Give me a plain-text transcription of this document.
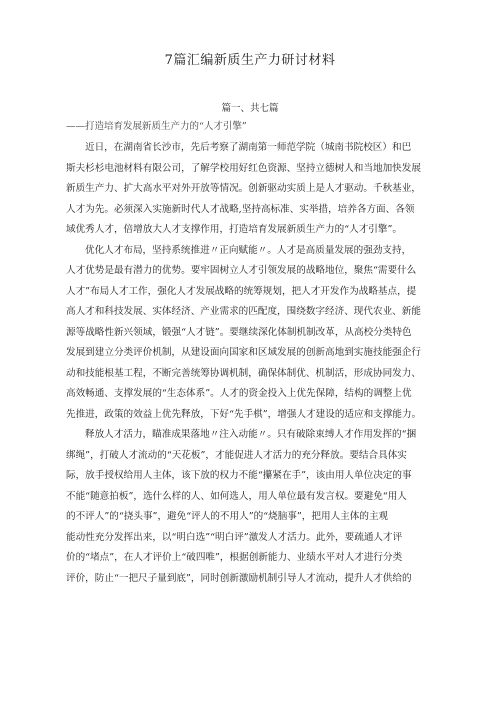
7篇汇编新质生产力研讨材料
篇一、共七篇
——打造培育发展新质生产力的“人才引擎”
近日，在湖南省长沙市，先后考察了湖南第一师范学院（城南书院校区）和巴
斯夫杉杉电池材料有限公司，了解学校用好红色资源、坚持立德树人和当地加快发展
新质生产力、扩大高水平对外开放等情况。创新驱动实质上是人才驱动。千秋基业，
人才为先。必须深入实施新时代人才战略,坚持高标准、实举措，培养各方面、各领
域优秀人才，倍增放大人才支撑作用，打造培育发展新质生产力的“人才引擎”。
优化人才布局，坚持系统推进〃正向赋能〃。人才是高质量发展的强劲支持，
人才优势是最有潜力的优势。要牢固树立人才引领发展的战略地位，聚焦“需要什么
人才”布局人才工作，强化人才发展战略的统筹规划，把人才开发作为战略基点，提
高人才和科技发展、实体经济、产业需求的匹配度，围绕数字经济、现代农业、新能
源等战略性新兴领域，锻强“人才链”。要继续深化体制机制改革，从高校分类特色
发展到建立分类评价机制，从建设面向国家和区域发展的创新高地到实施技能强企行
动和技能根基工程，不断完善统筹协调机制，确保体制优、机制活，形成协同发力、
高效畅通、支撑发展的“生态体系”。人才的资金投入上优先保障，结构的调整上优
先推进，政策的效益上优先释放，下好“先手棋”，增强人才建设的适应和支撑能力。
释放人才活力，瞄准成果落地〃注入动能〃。只有破除束缚人才作用发挥的“捆
绑绳”，打破人才流动的“天花板”，才能促进人才活力的充分释放。要结合具体实
际，放手授权给用人主体，该下放的权力不能“攥紧在手”，该由用人单位决定的事
不能“随意拍板”，选什么样的人、如何选人，用人单位最有发言权。要避免“用人
的不评人”的“挠头事”，避免“评人的不用人”的“烧脑事”，把用人主体的主观
能动性充分发挥出来，以“明白选”“明白评”激发人才活力。此外，要疏通人才评
价的“堵点”，在人才评价上“破四唯”，根据创新能力、业绩水平对人才进行分类
评价，防止“一把尺子量到底”，同时创新激励机制引导人才流动，提升人才供给的
